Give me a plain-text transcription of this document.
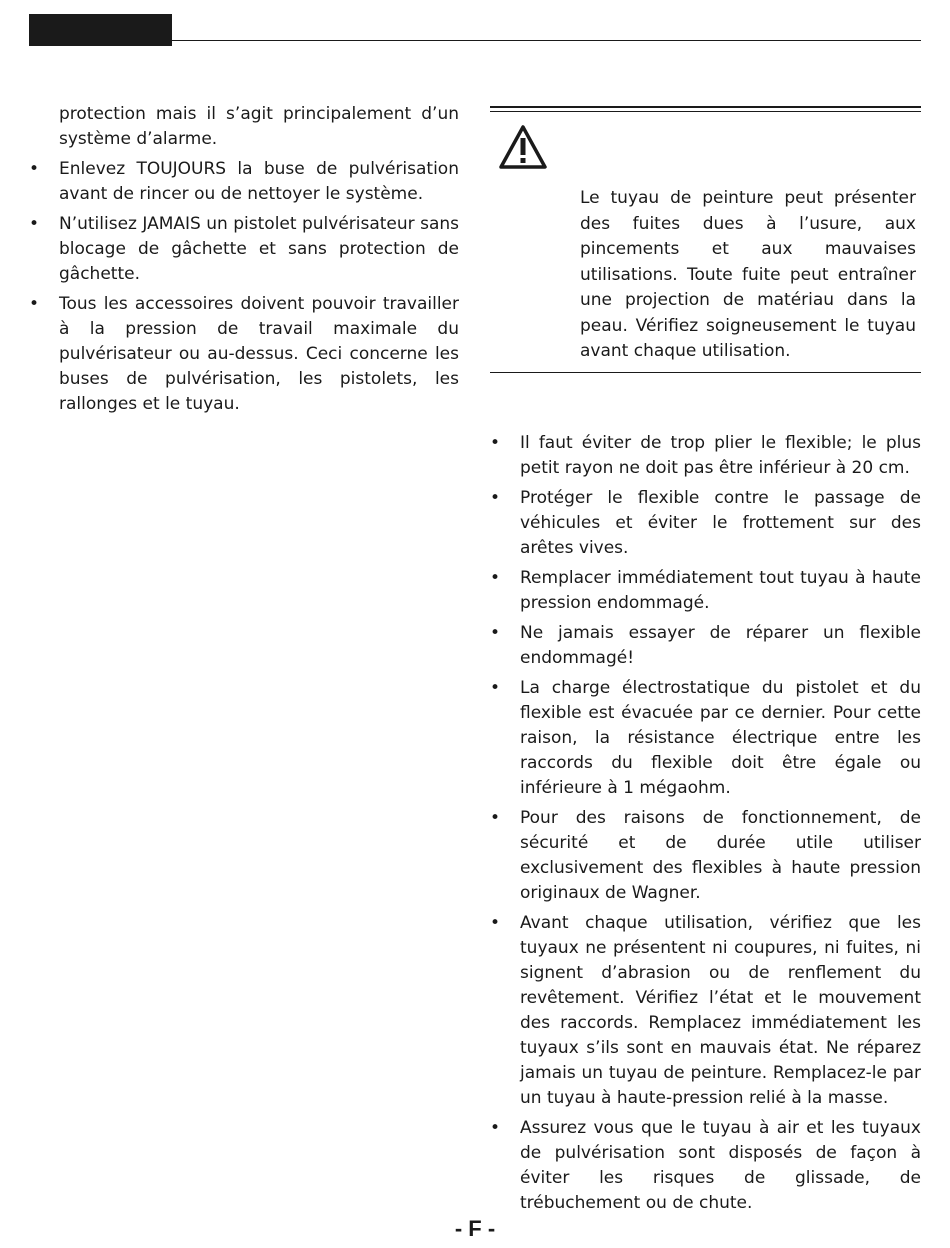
protection mais il s’agit principalement d’un système d’alarme.

• Enlevez TOUJOURS la buse de pulvérisation avant de rincer ou de nettoyer le système.
• N’utilisez JAMAIS un pistolet pulvérisateur sans blocage de gâchette et sans protection de gâchette.
• Tous les accessoires doivent pouvoir travailler à la pression de travail maximale du pulvérisateur ou au-dessus. Ceci concerne les buses de pulvérisation, les pistolets, les rallonges et le tuyau.

Le tuyau de peinture peut présenter des fuites dues à l’usure, aux pincements et aux mauvaises utilisations. Toute fuite peut entraîner une projection de matériau dans la peau. Vérifiez soigneusement le tuyau avant chaque utilisation.

• Il faut éviter de trop plier le flexible; le plus petit rayon ne doit pas être inférieur à 20 cm.
• Protéger le flexible contre le passage de véhicules et éviter le frottement sur des arêtes vives.
• Remplacer immédiatement tout tuyau à haute pression endommagé.
• Ne jamais essayer de réparer un flexible endommagé!
• La charge électrostatique du pistolet et du flexible est évacuée par ce dernier. Pour cette raison, la résistance électrique entre les raccords du flexible doit être égale ou inférieure à 1 mégaohm.
• Pour des raisons de fonctionnement, de sécurité et de durée utile utiliser exclusivement des flexibles à haute pression originaux de Wagner.
• Avant chaque utilisation, vérifiez que les tuyaux ne présentent ni coupures, ni fuites, ni signent d’abrasion ou de renflement du revêtement. Vérifiez l’état et le mouvement des raccords. Remplacez immédiatement les tuyaux s’ils sont en mauvais état. Ne réparez jamais un tuyau de peinture. Remplacez-le par un tuyau à haute-pression relié à la masse.
• Assurez vous que le tuyau à air et les tuyaux de pulvérisation sont disposés de façon à éviter les risques de glissade, de trébuchement ou de chute.
- F -
